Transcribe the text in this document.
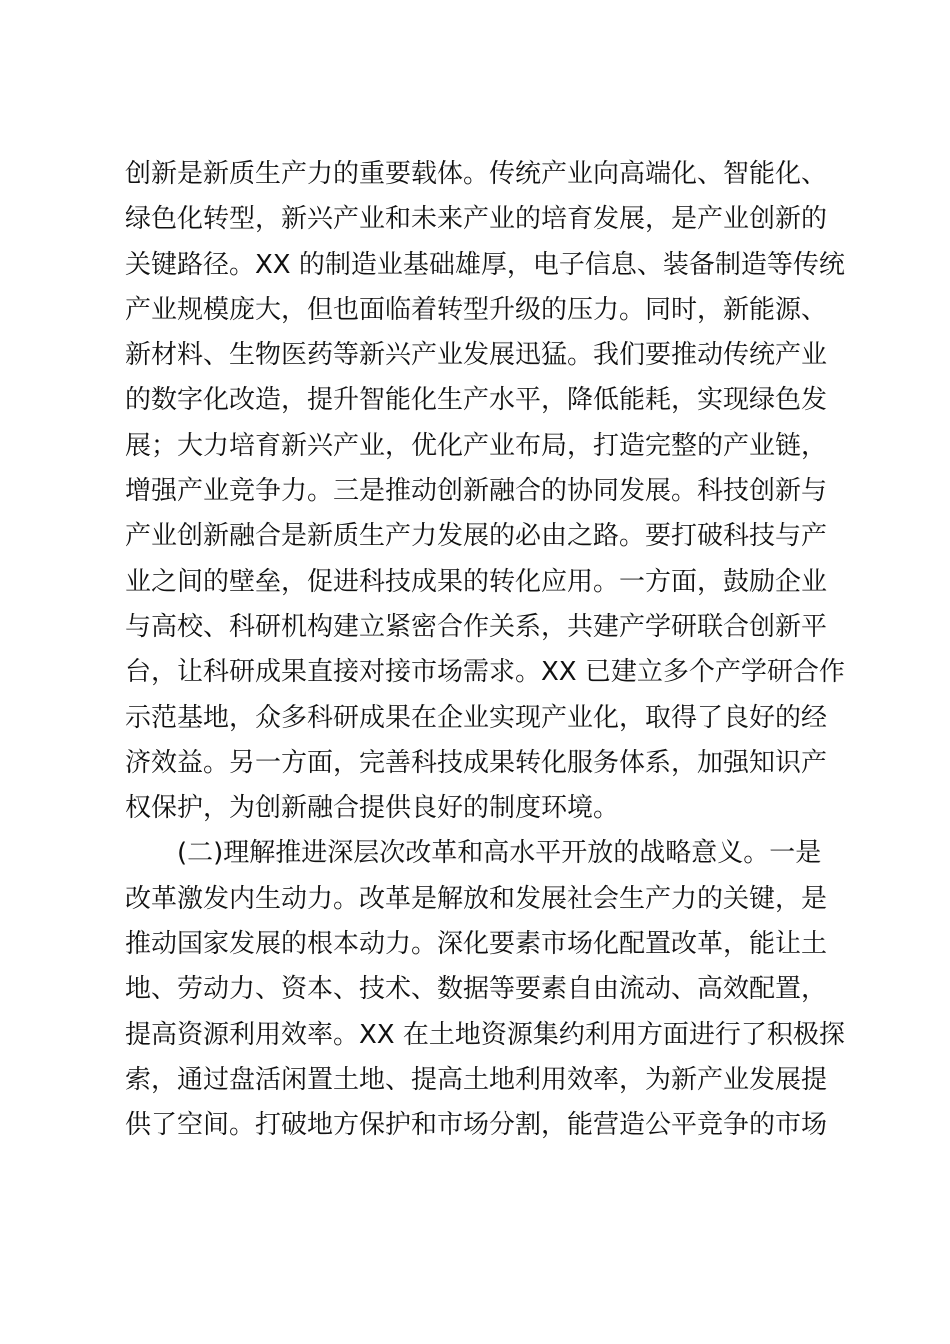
创新是新质生产力的重要载体。传统产业向高端化、智能化、
绿色化转型，新兴产业和未来产业的培育发展，是产业创新的
关键路径。XX 的制造业基础雄厚，电子信息、装备制造等传统
产业规模庞大，但也面临着转型升级的压力。同时，新能源、
新材料、生物医药等新兴产业发展迅猛。我们要推动传统产业
的数字化改造，提升智能化生产水平，降低能耗，实现绿色发
展；大力培育新兴产业，优化产业布局，打造完整的产业链，
增强产业竞争力。三是推动创新融合的协同发展。科技创新与
产业创新融合是新质生产力发展的必由之路。要打破科技与产
业之间的壁垒，促进科技成果的转化应用。一方面，鼓励企业
与高校、科研机构建立紧密合作关系，共建产学研联合创新平
台，让科研成果直接对接市场需求。XX 已建立多个产学研合作
示范基地，众多科研成果在企业实现产业化，取得了良好的经
济效益。另一方面，完善科技成果转化服务体系，加强知识产
权保护，为创新融合提供良好的制度环境。
(二)理解推进深层次改革和高水平开放的战略意义。一是
改革激发内生动力。改革是解放和发展社会生产力的关键，是
推动国家发展的根本动力。深化要素市场化配置改革，能让土
地、劳动力、资本、技术、数据等要素自由流动、高效配置，
提高资源利用效率。XX 在土地资源集约利用方面进行了积极探
索，通过盘活闲置土地、提高土地利用效率，为新产业发展提
供了空间。打破地方保护和市场分割，能营造公平竞争的市场
